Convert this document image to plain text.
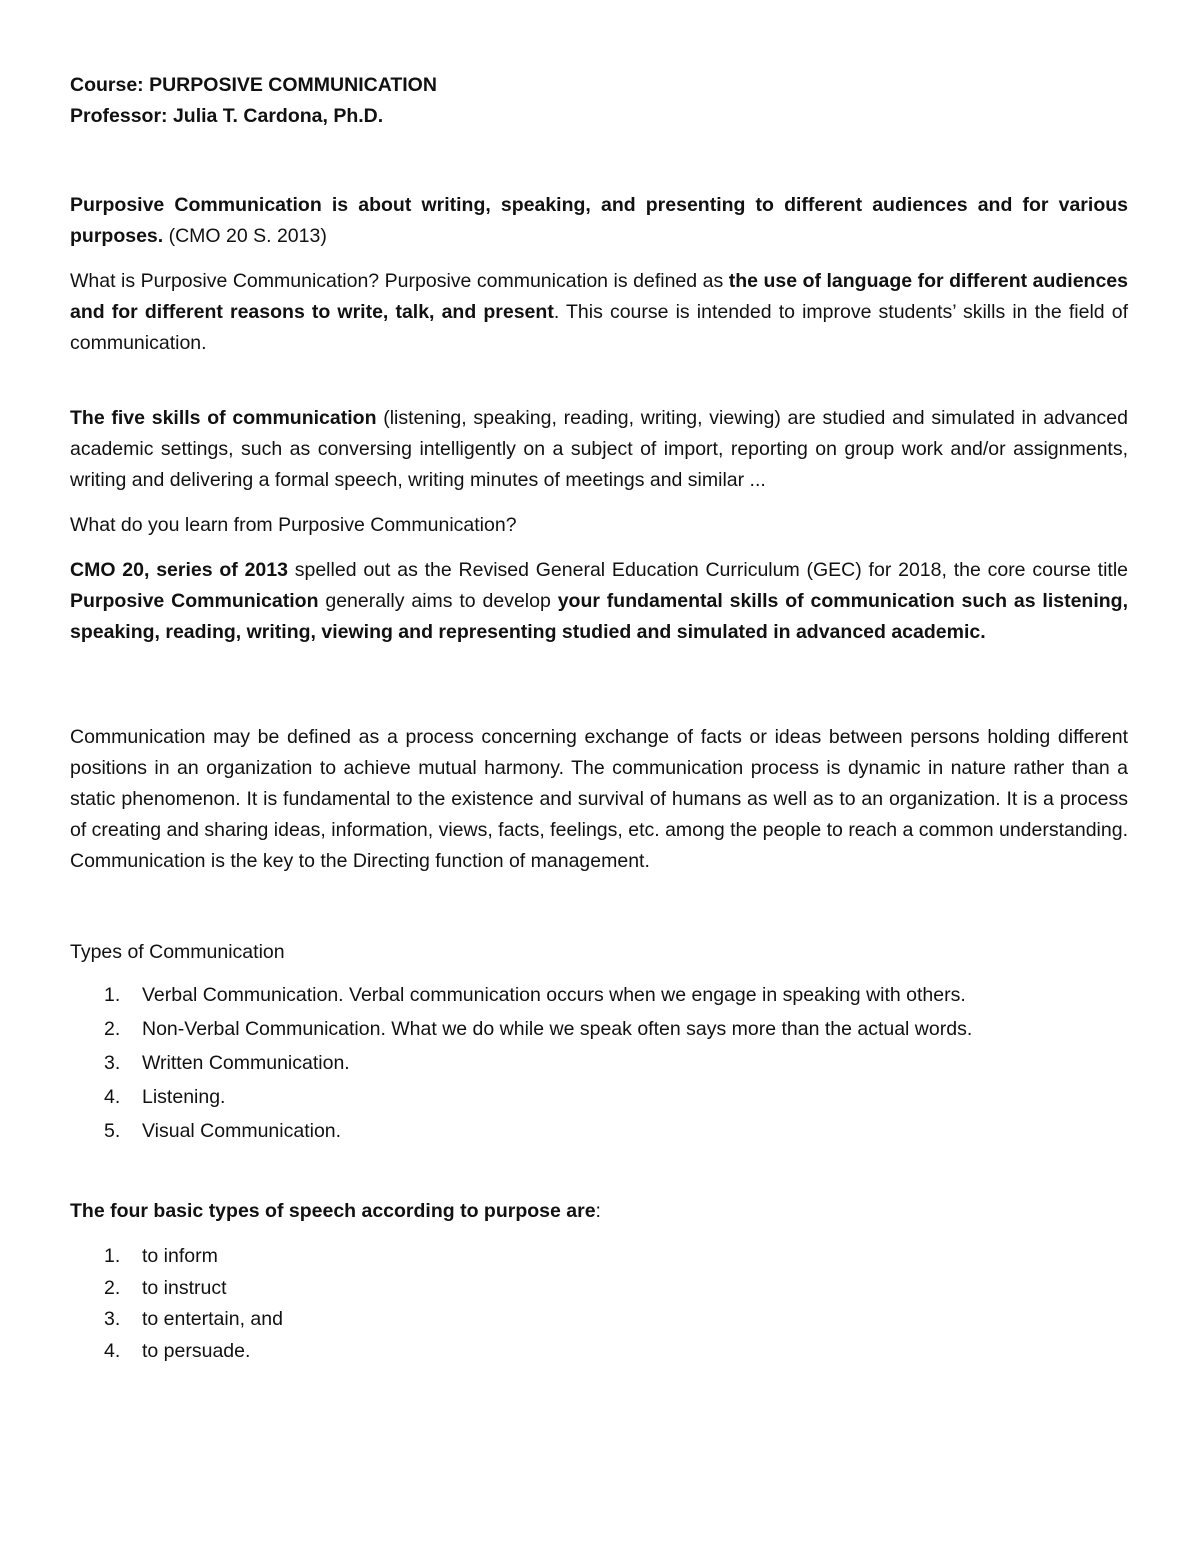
Course: PURPOSIVE COMMUNICATION

Professor: Julia T. Cardona, Ph.D.

Purposive Communication is about writing, speaking, and presenting to different audiences and for various purposes. (CMO 20 S. 2013)

What is Purposive Communication? Purposive communication is defined as the use of language for different audiences and for different reasons to write, talk, and present. This course is intended to improve students’ skills in the field of communication.

The five skills of communication (listening, speaking, reading, writing, viewing) are studied and simulated in advanced academic settings, such as conversing intelligently on a subject of import, reporting on group work and/or assignments, writing and delivering a formal speech, writing minutes of meetings and similar ...

What do you learn from Purposive Communication?

CMO 20, series of 2013 spelled out as the Revised General Education Curriculum (GEC) for 2018, the core course title Purposive Communication generally aims to develop your fundamental skills of communication such as listening, speaking, reading, writing, viewing and representing studied and simulated in advanced academic.

Communication may be defined as a process concerning exchange of facts or ideas between persons holding different positions in an organization to achieve mutual harmony. The communication process is dynamic in nature rather than a static phenomenon. It is fundamental to the existence and survival of humans as well as to an organization. It is a process of creating and sharing ideas, information, views, facts, feelings, etc. among the people to reach a common understanding. Communication is the key to the Directing function of management.

Types of Communication

1. Verbal Communication. Verbal communication occurs when we engage in speaking with others.
2. Non-Verbal Communication. What we do while we speak often says more than the actual words.
3. Written Communication.
4. Listening.
5. Visual Communication.

The four basic types of speech according to purpose are:

1. to inform
2. to instruct
3. to entertain, and
4. to persuade.
